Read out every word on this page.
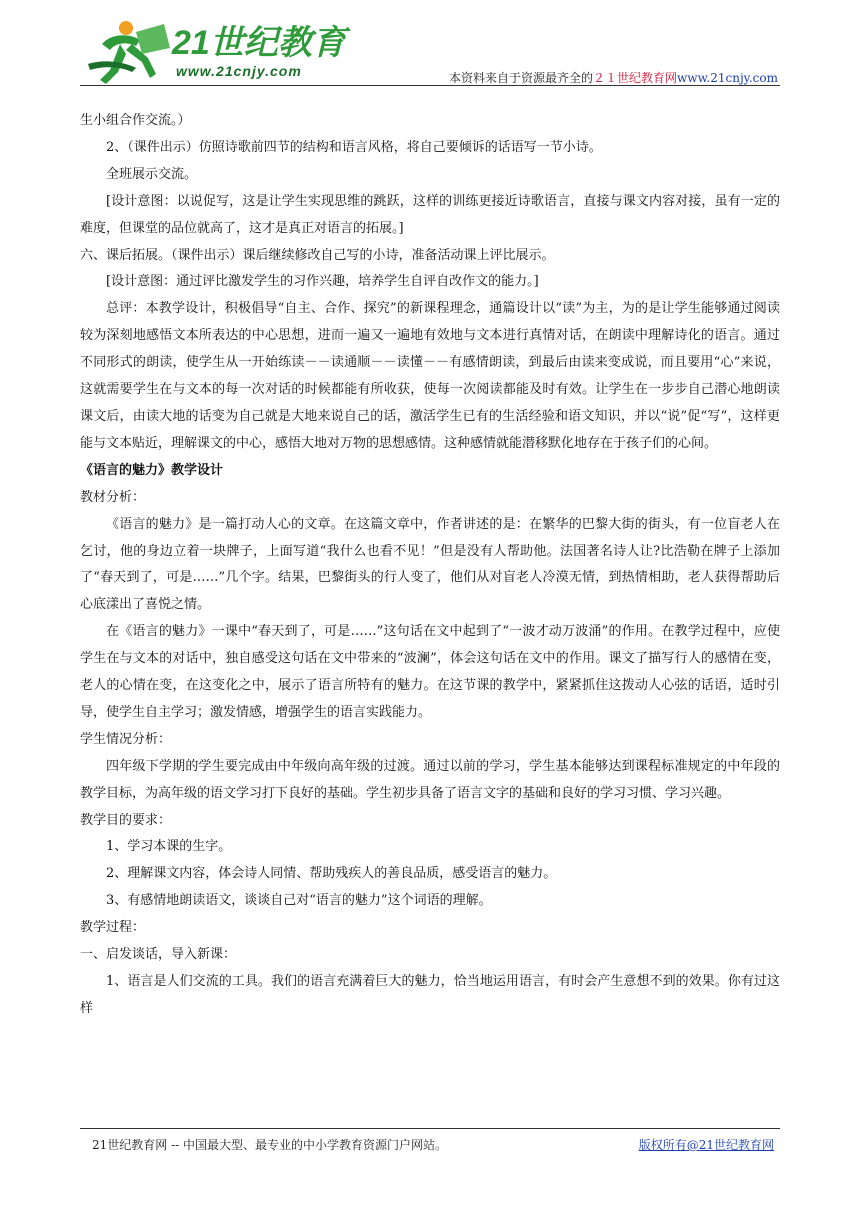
21世纪教育
www.21cnjy.com	本资料来自于资源最齐全的２１世纪教育网www.21cnjy.com

生小组合作交流。）

2、（课件出示）仿照诗歌前四节的结构和语言风格，将自己要倾诉的话语写一节小诗。

全班展示交流。

[设计意图：以说促写，这是让学生实现思维的跳跃，这样的训练更接近诗歌语言，直接与课文内容对接，虽有一定的难度，但课堂的品位就高了，这才是真正对语言的拓展。]

六、课后拓展。（课件出示）课后继续修改自己写的小诗，准备活动课上评比展示。

[设计意图：通过评比激发学生的习作兴趣，培养学生自评自改作文的能力。]

总评：本教学设计，积极倡导“自主、合作、探究”的新课程理念，通篇设计以“读”为主，为的是让学生能够通过阅读较为深刻地感悟文本所表达的中心思想，进而一遍又一遍地有效地与文本进行真情对话，在朗读中理解诗化的语言。通过不同形式的朗读，使学生从一开始练读－－读通顺－－读懂－－有感情朗读，到最后由读来变成说，而且要用“心”来说，这就需要学生在与文本的每一次对话的时候都能有所收获，使每一次阅读都能及时有效。让学生在一步步自己潜心地朗读课文后，由读大地的话变为自己就是大地来说自己的话，激活学生已有的生活经验和语文知识，并以“说”促“写”，这样更能与文本贴近，理解课文的中心，感悟大地对万物的思想感情。这种感情就能潜移默化地存在于孩子们的心间。

《语言的魅力》教学设计

教材分析：

《语言的魅力》是一篇打动人心的文章。在这篇文章中，作者讲述的是：在繁华的巴黎大街的街头，有一位盲老人在乞讨，他的身边立着一块牌子，上面写道“我什么也看不见！”但是没有人帮助他。法国著名诗人让?比浩勒在牌子上添加了“春天到了，可是……”几个字。结果，巴黎街头的行人变了，他们从对盲老人冷漠无情，到热情相助，老人获得帮助后心底漾出了喜悦之情。

在《语言的魅力》一课中“春天到了，可是……”这句话在文中起到了“一波才动万波涌”的作用。在教学过程中，应使学生在与文本的对话中，独自感受这句话在文中带来的“波澜”，体会这句话在文中的作用。课文了描写行人的感情在变，老人的心情在变，在这变化之中，展示了语言所特有的魅力。在这节课的教学中，紧紧抓住这拨动人心弦的话语，适时引导，使学生自主学习；激发情感，增强学生的语言实践能力。

学生情况分析：

四年级下学期的学生要完成由中年级向高年级的过渡。通过以前的学习，学生基本能够达到课程标准规定的中年段的教学目标，为高年级的语文学习打下良好的基础。学生初步具备了语言文字的基础和良好的学习习惯、学习兴趣。

教学目的要求：

1、学习本课的生字。

2、理解课文内容，体会诗人同情、帮助残疾人的善良品质，感受语言的魅力。

3、有感情地朗读语文，谈谈自己对“语言的魅力”这个词语的理解。

教学过程：

一、启发谈话，导入新课：

1、语言是人们交流的工具。我们的语言充满着巨大的魅力，恰当地运用语言，有时会产生意想不到的效果。你有过这样

21世纪教育网 -- 中国最大型、最专业的中小学教育资源门户网站。	版权所有@21世纪教育网
